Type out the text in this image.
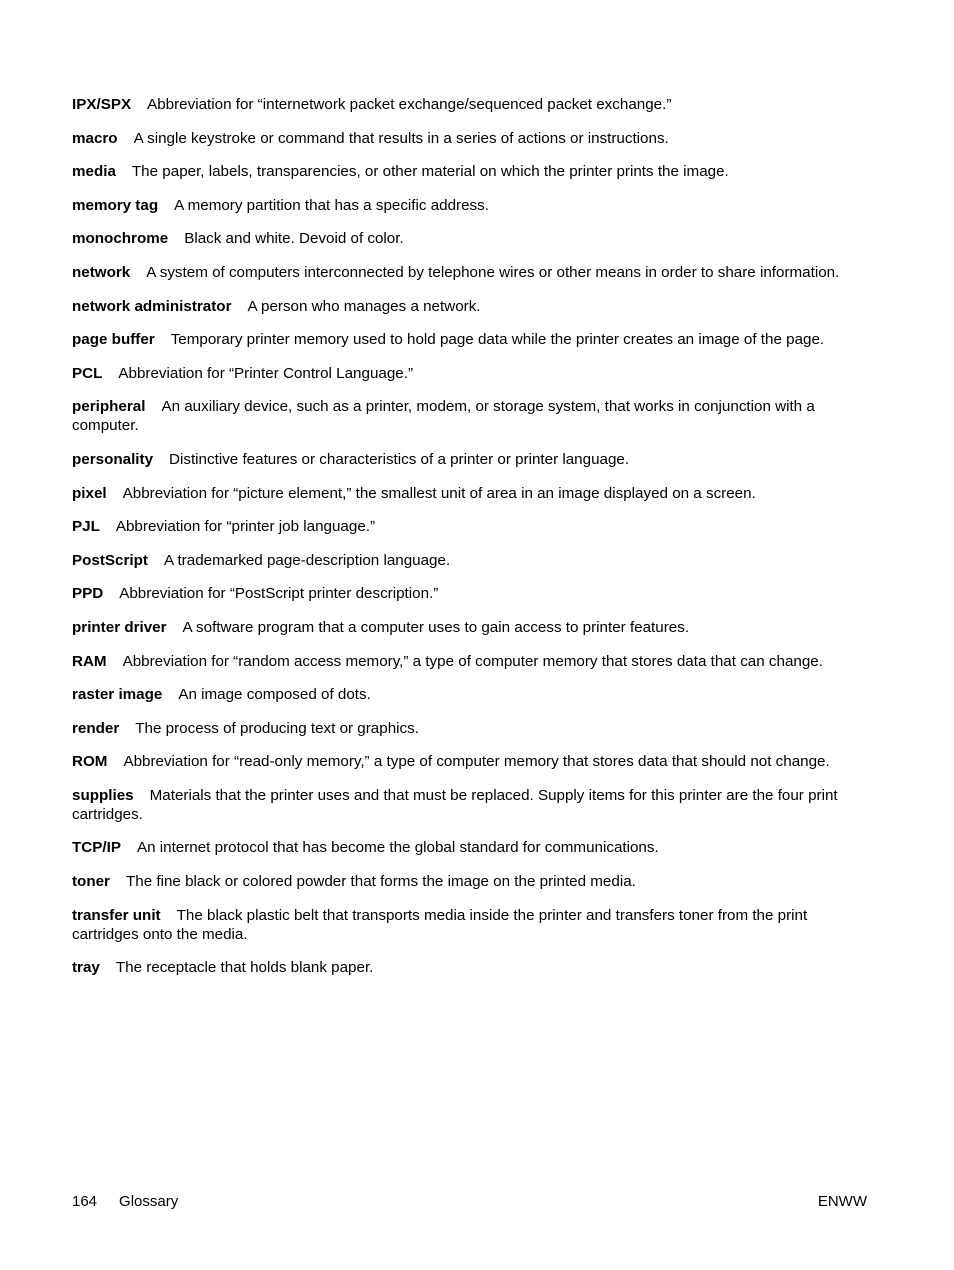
IPX/SPX Abbreviation for “internetwork packet exchange/sequenced packet exchange.”
macro A single keystroke or command that results in a series of actions or instructions.
media The paper, labels, transparencies, or other material on which the printer prints the image.
memory tag A memory partition that has a specific address.
monochrome Black and white. Devoid of color.
network A system of computers interconnected by telephone wires or other means in order to share information.
network administrator A person who manages a network.
page buffer Temporary printer memory used to hold page data while the printer creates an image of the page.
PCL Abbreviation for “Printer Control Language.”
peripheral An auxiliary device, such as a printer, modem, or storage system, that works in conjunction with a computer.
personality Distinctive features or characteristics of a printer or printer language.
pixel Abbreviation for “picture element,” the smallest unit of area in an image displayed on a screen.
PJL Abbreviation for “printer job language.”
PostScript A trademarked page-description language.
PPD Abbreviation for “PostScript printer description.”
printer driver A software program that a computer uses to gain access to printer features.
RAM Abbreviation for “random access memory,” a type of computer memory that stores data that can change.
raster image An image composed of dots.
render The process of producing text or graphics.
ROM Abbreviation for “read-only memory,” a type of computer memory that stores data that should not change.
supplies Materials that the printer uses and that must be replaced. Supply items for this printer are the four print cartridges.
TCP/IP An internet protocol that has become the global standard for communications.
toner The fine black or colored powder that forms the image on the printed media.
transfer unit The black plastic belt that transports media inside the printer and transfers toner from the print cartridges onto the media.
tray The receptacle that holds blank paper.
164 Glossary	ENWW
